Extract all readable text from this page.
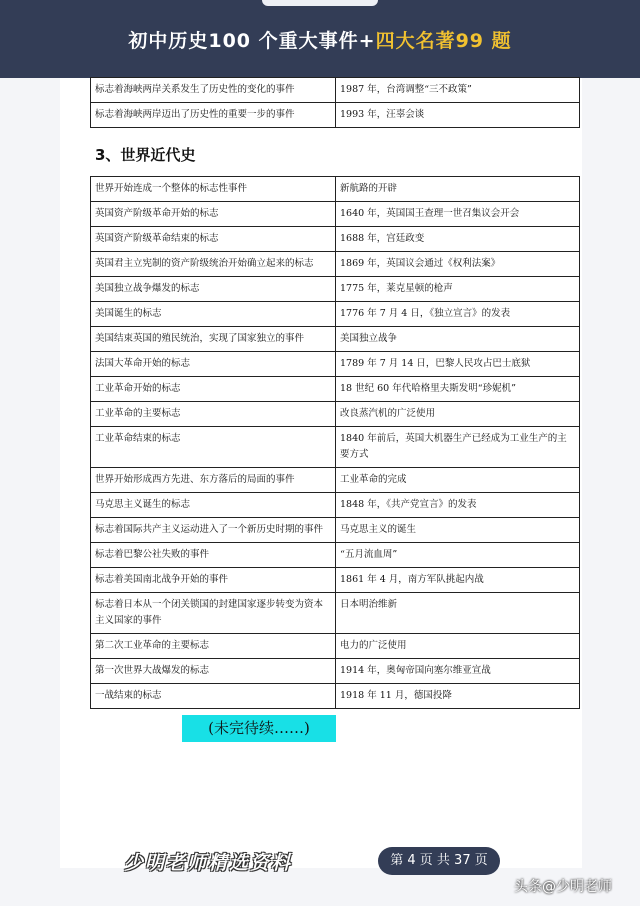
初中历史100 个重大事件+四大名著99 题
标志着海峡两岸关系发生了历史性的变化的事件	1987 年，台湾调整“三不政策”
标志着海峡两岸迈出了历史性的重要一步的事件	1993 年，汪辜会谈
3、世界近代史
世界开始连成一个整体的标志性事件	新航路的开辟
英国资产阶级革命开始的标志	1640 年，英国国王查理一世召集议会开会
英国资产阶级革命结束的标志	1688 年，宫廷政变
英国君主立宪制的资产阶级统治开始确立起来的标志	1869 年，英国议会通过《权利法案》
美国独立战争爆发的标志	1775 年，莱克星顿的枪声
美国诞生的标志	1776 年 7 月 4 日，《独立宣言》的发表
美国结束英国的殖民统治，实现了国家独立的事件	美国独立战争
法国大革命开始的标志	1789 年 7 月 14 日，巴黎人民攻占巴士底狱
工业革命开始的标志	18 世纪 60 年代哈格里夫斯发明“珍妮机”
工业革命的主要标志	改良蒸汽机的广泛使用
工业革命结束的标志	1840 年前后，英国大机器生产已经成为工业生产的主要方式
世界开始形成西方先进、东方落后的局面的事件	工业革命的完成
马克思主义诞生的标志	1848 年，《共产党宣言》的发表
标志着国际共产主义运动进入了一个新历史时期的事件	马克思主义的诞生
标志着巴黎公社失败的事件	“五月流血周”
标志着美国南北战争开始的事件	1861 年 4 月，南方军队挑起内战
标志着日本从一个闭关锁国的封建国家逐步转变为资本主义国家的事件	日本明治维新
第二次工业革命的主要标志	电力的广泛使用
第一次世界大战爆发的标志	1914 年，奥匈帝国向塞尔维亚宣战
一战结束的标志	1918 年 11 月，德国投降
(未完待续……)
少明老师精选资料	第 4 页 共 37 页
头条@少明老师
